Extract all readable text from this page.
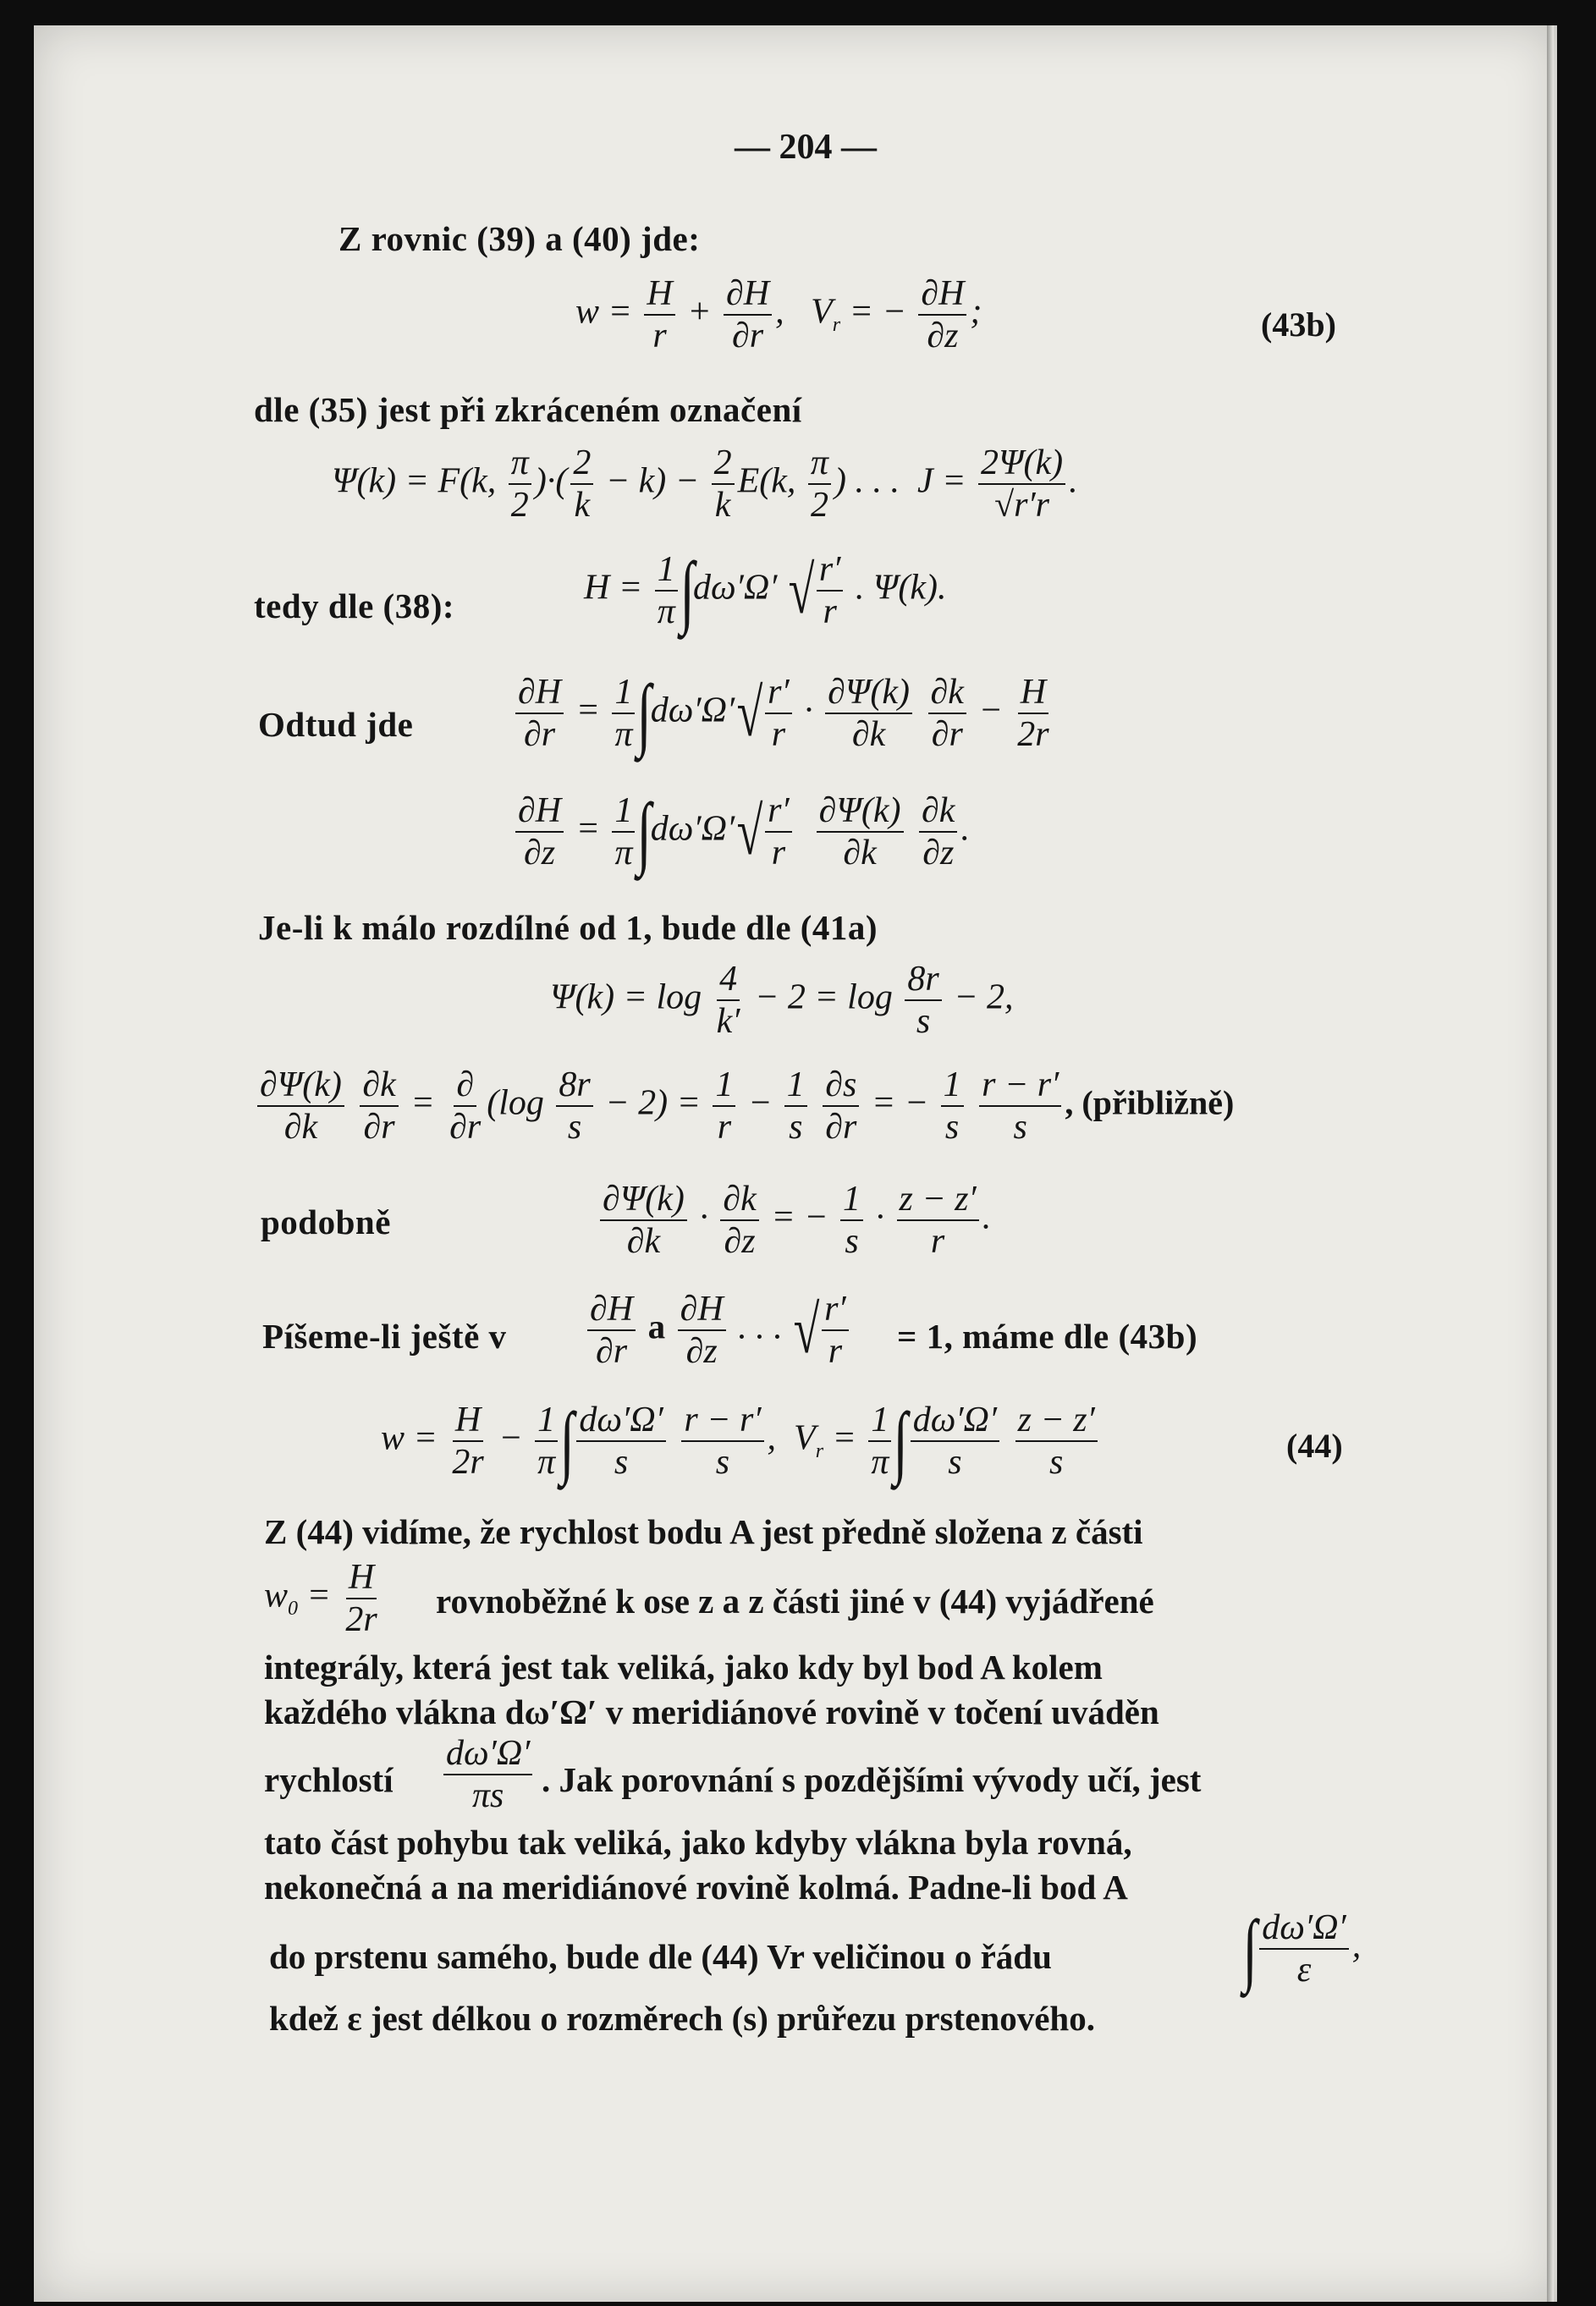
— 204 —
Z rovnic (39) a (40) jde:
$w = \frac{H}{r} + \frac{\partial H}{\partial r}$ ,   $V_r$ = − $\frac{\partial H}{\partial z}$ ;	(43b)
dle (35) jest při zkráceném označení
Ψ(k) = F(k, $\frac{\pi}{2}$ )·( $\frac{2}{k} - k) - \frac{2}{k} E(k$, $\frac{\pi}{2}$ ) . . .  $J = \frac{2\Psi(k)}{√r'r}$ .
tedy dle (38):	$H = \frac{1}{\pi} \int d\omega'\Omega'$ √ $\frac{r'}{r}$ . Ψ(k).
Odtud jde	$\frac{\partial H}{\partial r} = \frac{1}{\pi} \int d\omega'\Omega'√ \frac{r'}{r} \cdot \frac{\partial\Psi(k)}{\partial k}$
$\frac{\partial k}{\partial r} - \frac{H}{2r}$
$\frac{\partial H}{\partial z} = \frac{1}{\pi} \int d\omega'\Omega'√ \frac{r'}{r}$
$\frac{\partial\Psi(k)}{\partial k}$
$\frac{\partial k}{\partial z}$ .
Je-li k málo rozdílné od 1, bude dle (41a)
$\Psi(k) = \log \frac{4}{k'} - 2 = \log \frac{8r}{s} - 2$,
$\frac{\partial\Psi(k)}{\partial k}$
$\frac{\partial k}{\partial r} = \frac{\partial}{\partial r} (\log \frac{8r}{s} - 2) = \frac{1}{r} - \frac{1}{s}$
$\frac{\partial s}{\partial r}$ = − $\frac{1}{s}$
$\frac{r - r'}{s}$ , (přibližně)
podobně	$\frac{\partial\Psi(k)}{\partial k} \cdot \frac{\partial k}{\partial z}$ = − $\frac{1}{s} \cdot \frac{z - z'}{r}$ .
Píšeme-li ještě v $\frac{\partial H}{\partial r}$ a $\frac{\partial H}{\partial z}$ . . . √ $\frac{r'}{r} = 1$, máme dle (43b)
$w = \frac{H}{2r} - \frac{1}{\pi}$ ∫ $\frac{d\omega'\Omega'}{s}$
$\frac{r - r'}{s}$ ,  $V_r = \frac{1}{\pi}$ ∫ $\frac{d\omega'\Omega'}{s}$
$\frac{z - z'}{s}$	(44)
Z (44) vidíme, že rychlost bodu A jest předně složena z části
$w_0 = \frac{H}{2r}$ rovnoběžné k ose z a z části jiné v (44) vyjádřené
integrály, která jest tak veliká, jako kdy byl bod A kolem
každého vlákna dω′Ω′ v meridiánové rovině v točení uváděn
rychlostí $\frac{d\omega'\Omega'}{\pi s}$ . Jak porovnání s pozdějšími vývody učí, jest
tato část pohybu tak veliká, jako kdyby vlákna byla rovná,
nekonečná a na meridiánové rovině kolmá. Padne-li bod A
do prstenu samého, bude dle (44) Vr veličinou o řádu ∫ $\frac{d\omega'\Omega'}{\varepsilon}$ ,
kdež ε jest délkou o rozměrech (s) průřezu prstenového.
